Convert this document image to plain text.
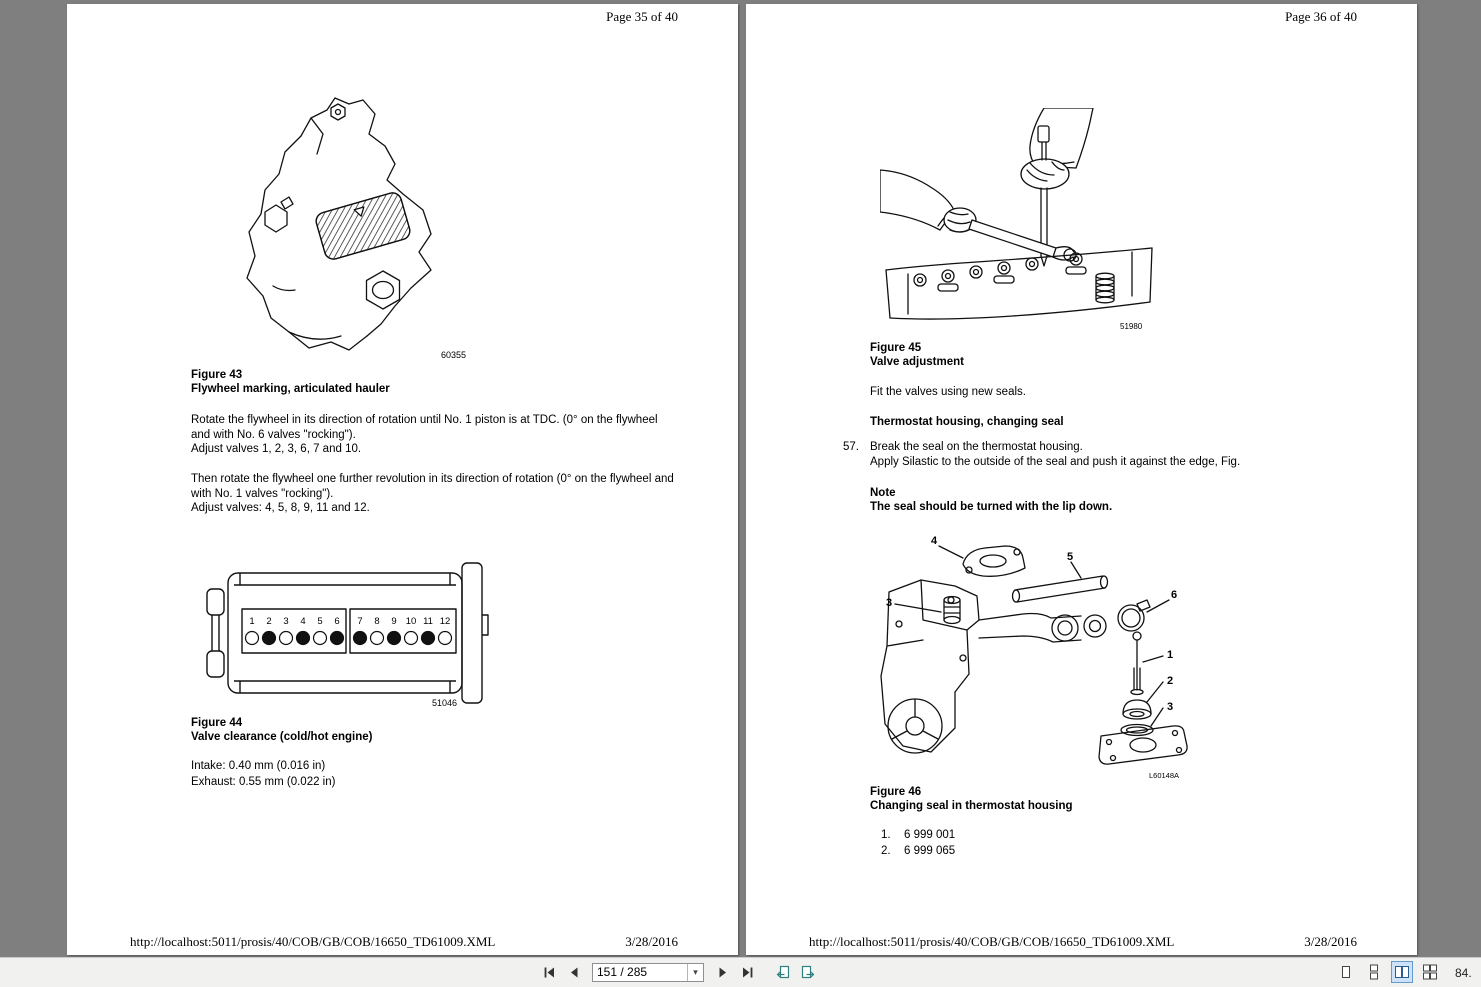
Page 35 of 40
60355
Figure 43
Flywheel marking, articulated hauler
Rotate the flywheel in its direction of rotation until No. 1 piston is at TDC. (0° on the flywheel
and with No. 6 valves "rocking").
Adjust valves 1, 2, 3, 6, 7 and 10.
Then rotate the flywheel one further revolution in its direction of rotation (0° on the flywheel and
with No. 1 valves "rocking").
Adjust valves: 4, 5, 8, 9, 11 and 12.
1 2 3 4 5 6 7 8 9 10 11 12
51046
Figure 44
Valve clearance (cold/hot engine)
Intake: 0.40 mm (0.016 in)
Exhaust: 0.55 mm (0.022 in)
http://localhost:5011/prosis/40/COB/GB/COB/16650_TD61009.XML	3/28/2016
Page 36 of 40
51980
Figure 45
Valve adjustment
Fit the valves using new seals.
Thermostat housing, changing seal
57. Break the seal on the thermostat housing.
Apply Silastic to the outside of the seal and push it against the edge, Fig.
Note
The seal should be turned with the lip down.
4
5
6
3
1
2
3
L60148A
Figure 46
Changing seal in thermostat housing
1. 6 999 001
2. 6 999 065
http://localhost:5011/prosis/40/COB/GB/COB/16650_TD61009.XML	3/28/2016
151 / 285
▾	84.
